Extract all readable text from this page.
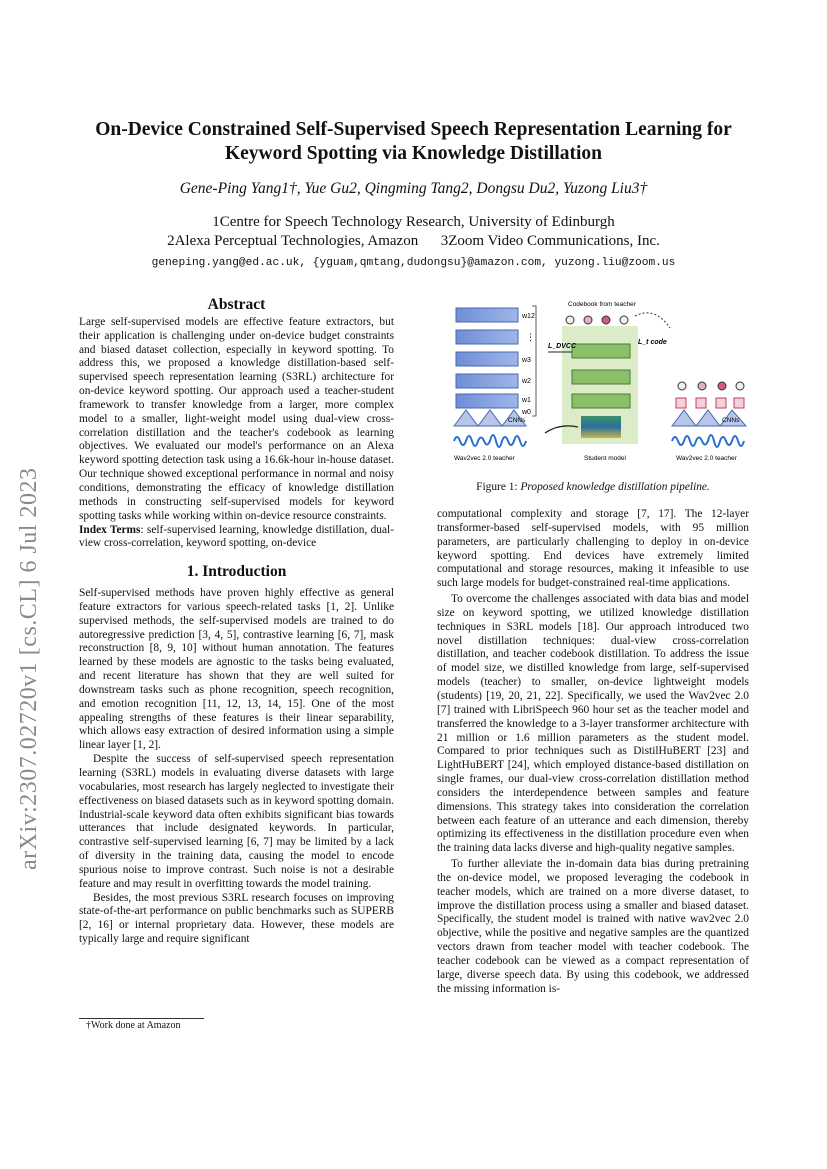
On-Device Constrained Self-Supervised Speech Representation Learning for
Keyword Spotting via Knowledge Distillation
Gene-Ping Yang1†, Yue Gu2, Qingming Tang2, Dongsu Du2, Yuzong Liu3†
1Centre for Speech Technology Research, University of Edinburgh
2Alexa Perceptual Technologies, Amazon      3Zoom Video Communications, Inc.
geneping.yang@ed.ac.uk, {yguam,qmtang,dudongsu}@amazon.com, yuzong.liu@zoom.us
arXiv:2307.02720v1 [cs.CL] 6 Jul 2023
Abstract

Large self-supervised models are effective feature extractors, but their application is challenging under on-device budget constraints and biased dataset collection, especially in keyword spotting. To address this, we proposed a knowledge distillation-based self-supervised speech representation learning (S3RL) architecture for on-device keyword spotting. Our approach used a teacher-student framework to transfer knowledge from a larger, more complex model to a smaller, light-weight model using dual-view cross-correlation distillation and the teacher's codebook as learning objectives. We evaluated our model's performance on an Alexa keyword spotting detection task using a 16.6k-hour in-house dataset. Our technique showed exceptional performance in normal and noisy conditions, demonstrating the efficacy of knowledge distillation methods in constructing self-supervised models for keyword spotting tasks while working within on-device resource constraints.

Index Terms: self-supervised learning, knowledge distillation, dual-view cross-correlation, keyword spotting, on-device

1. Introduction

Self-supervised methods have proven highly effective as general feature extractors for various speech-related tasks [1, 2]. Unlike supervised methods, the self-supervised models are trained to do autoregressive prediction [3, 4, 5], contrastive learning [6, 7], mask reconstruction [8, 9, 10] without human annotation. The features learned by these models are agnostic to the tasks being evaluated, and recent literature has shown that they are well suited for downstream tasks such as phone recognition, speech recognition, and emotion recognition [11, 12, 13, 14, 15]. One of the most appealing strengths of these features is their linear separability, which allows easy extraction of desired information using a simple linear layer [1, 2].

Despite the success of self-supervised speech representation learning (S3RL) models in evaluating diverse datasets with large vocabularies, most research has largely neglected to investigate their effectiveness on biased datasets such as in keyword spotting domain. Industrial-scale keyword data often exhibits significant bias towards utterances that include designated keywords. In particular, contrastive self-supervised learning [6, 7] may be limited by a lack of diversity in the training data, causing the model to encode spurious noise to improve contrast. Such noise is not a desirable feature and may result in overfitting towards the model training.

Besides, the most previous S3RL research focuses on improving state-of-the-art performance on public benchmarks such as SUPERB [2, 16] or internal proprietary data. However, these models are typically large and require significant

†Work done at Amazon
w12
⋮
w3
w2
w1
w0
CNNs
Wav2vec 2.0 teacher	Student model
L_DVCC
L_t code
Codebook from teacher
CNNs
Wav2vec 2.0 teacher
Figure 1: Proposed knowledge distillation pipeline.

computational complexity and storage [7, 17]. The 12-layer transformer-based self-supervised models, with 95 million parameters, are particularly challenging to deploy in on-device keyword spotting. End devices have extremely limited computational and storage resources, making it infeasible to use such large models for budget-constrained real-time applications.

To overcome the challenges associated with data bias and model size on keyword spotting, we utilized knowledge distillation techniques in S3RL models [18]. Our approach introduced two novel distillation techniques: dual-view cross-correlation distillation, and teacher codebook distillation. To address the issue of model size, we distilled knowledge from large, self-supervised models (teacher) to smaller, on-device lightweight models (students) [19, 20, 21, 22]. Specifically, we used the Wav2vec 2.0 [7] trained with LibriSpeech 960 hour set as the teacher model and transferred the knowledge to a 3-layer transformer architecture with 21 million or 1.6 million parameters as the student model. Compared to prior techniques such as DistilHuBERT [23] and LightHuBERT [24], which employed distance-based distillation on single frames, our dual-view cross-correlation distillation method considers the interdependence between samples and feature dimensions. This strategy takes into consideration the correlation between each feature of an utterance and each dimension, thereby optimizing its effectiveness in the distillation procedure even when the training data lacks diverse and high-quality negative samples.

To further alleviate the in-domain data bias during pretraining the on-device model, we proposed leveraging the codebook in teacher models, which are trained on a more diverse dataset, to improve the distillation process using a smaller and biased dataset. Specifically, the student model is trained with native wav2vec 2.0 objective, while the positive and negative samples are the quantized vectors drawn from teacher model with teacher codebook. The teacher codebook can be viewed as a compact representation of large, diverse speech data. By using this codebook, we addressed the missing information is-
